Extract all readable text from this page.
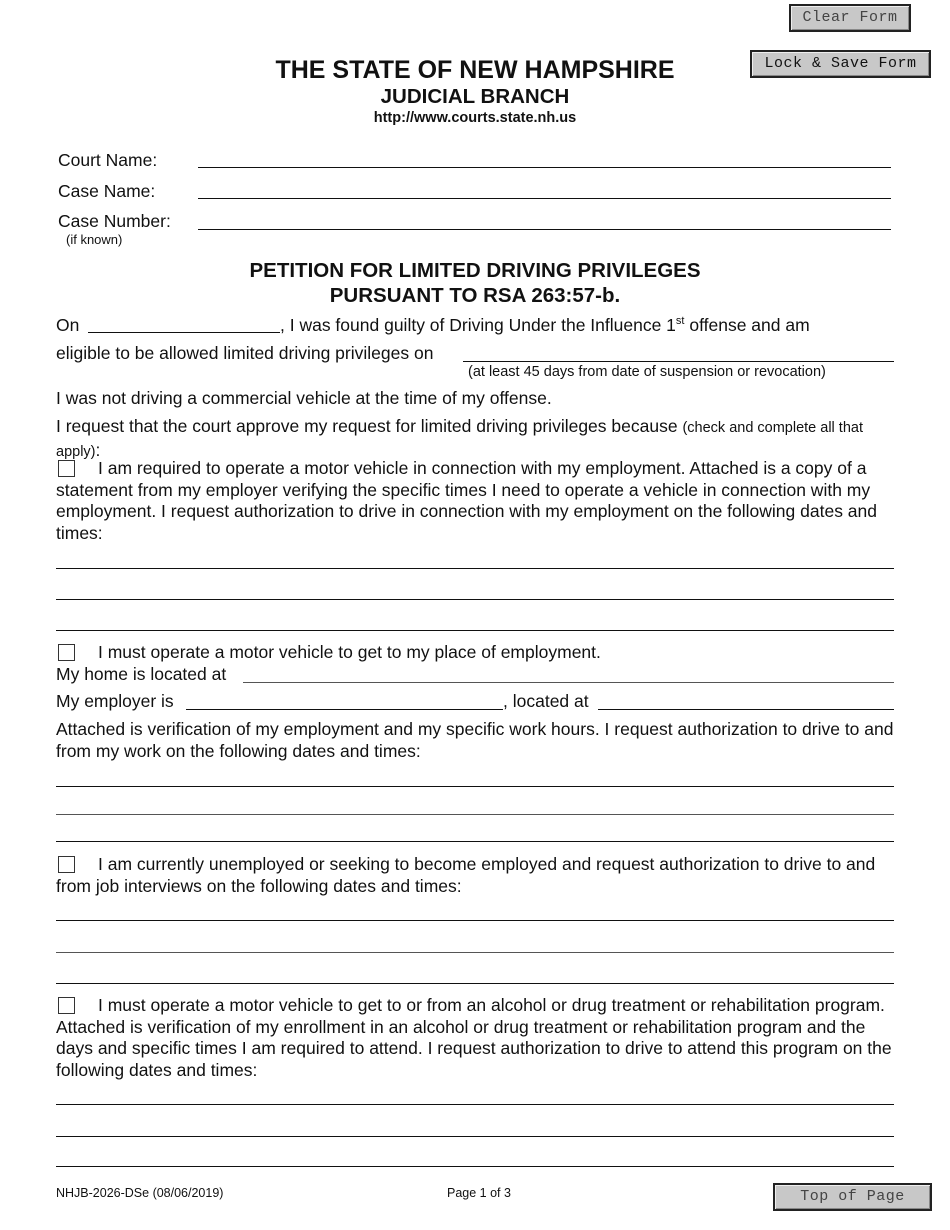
Clear Form
Lock & Save Form
THE STATE OF NEW HAMPSHIRE
JUDICIAL BRANCH
http://www.courts.state.nh.us
Court Name:
Case Name:
Case Number:
(if known)
PETITION FOR LIMITED DRIVING PRIVILEGES
PURSUANT TO RSA 263:57-b.
On	, I was found guilty of Driving Under the Influence 1st offense and am
eligible to be allowed limited driving privileges on
(at least 45 days from date of suspension or revocation)
I was not driving a commercial vehicle at the time of my offense.
I request that the court approve my request for limited driving privileges because (check and complete all that apply):
I am required to operate a motor vehicle in connection with my employment. Attached is a copy of a statement from my employer verifying the specific times I need to operate a vehicle in connection with my employment. I request authorization to drive in connection with my employment on the following dates and times:
I must operate a motor vehicle to get to my place of employment.
My home is located at
My employer is	, located at
Attached is verification of my employment and my specific work hours. I request authorization to drive to and from my work on the following dates and times:
I am currently unemployed or seeking to become employed and request authorization to drive to and from job interviews on the following dates and times:
I must operate a motor vehicle to get to or from an alcohol or drug treatment or rehabilitation program. Attached is verification of my enrollment in an alcohol or drug treatment or rehabilitation program and the days and specific times I am required to attend. I request authorization to drive to attend this program on the following dates and times:
NHJB-2026-DSe (08/06/2019)	Page 1 of 3	Top of Page
